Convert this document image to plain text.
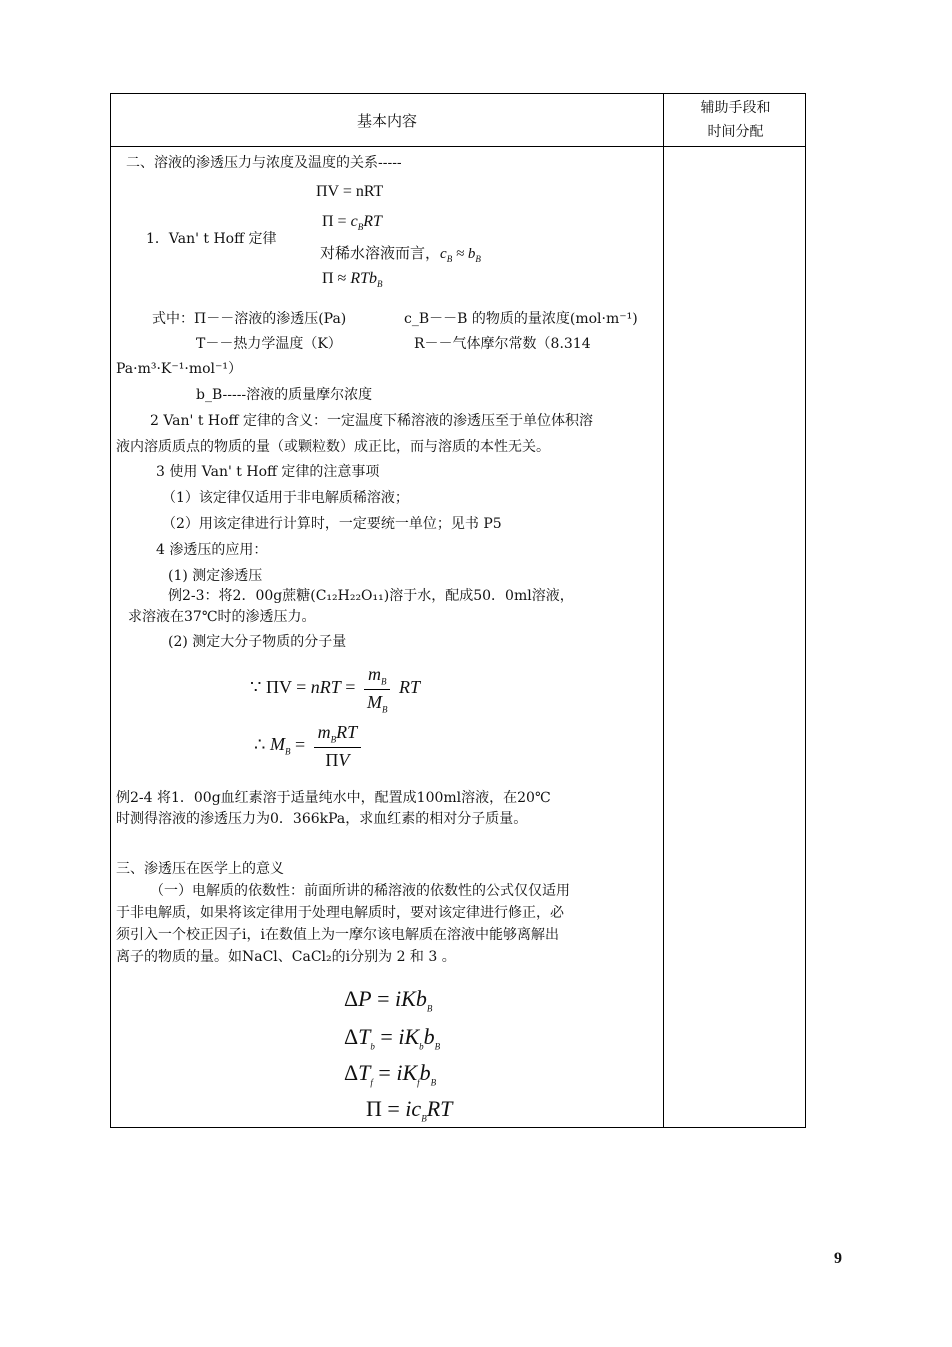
基本内容
辅助手段和
时间分配
二、溶液的渗透压力与浓度及温度的关系-----
ΠV = nRT
1．Van' t Hoff 定律
$\Pi = c_BRT$
对稀水溶液而言，$c_B \approx b_B$
Π ≈ RTb$_B$
式中：Π－－溶液的渗透压(Pa)	c_B－－B 的物质的量浓度(mol·m⁻¹)
T－－热力学温度（K）	R－－气体摩尔常数（8.314
Pa·m³·K⁻¹·mol⁻¹）
b_B-----溶液的质量摩尔浓度
2 Van' t Hoff 定律的含义：一定温度下稀溶液的渗透压至于单位体积溶
液内溶质质点的物质的量（或颗粒数）成正比，而与溶质的本性无关。
3 使用 Van' t Hoff 定律的注意事项
（1）该定律仅适用于非电解质稀溶液；
（2）用该定律进行计算时，一定要统一单位；见书 P5
4 渗透压的应用：
(1) 测定渗透压
例2-3：将2．00g蔗糖(C₁₂H₂₂O₁₁)溶于水，配成50．0ml溶液，
求溶液在37℃时的渗透压力。
(2) 测定大分子物质的分子量
∵ ΠV = nRT = $\frac{m_B}{M_B}$ RT
∴ $M_B = \frac{m_BRT}{\Pi V}$
例2-4 将1．00g血红素溶于适量纯水中，配置成100ml溶液，在20℃
时测得溶液的渗透压力为0．366kPa，求血红素的相对分子质量。
三、渗透压在医学上的意义
（一）电解质的依数性：前面所讲的稀溶液的依数性的公式仅仅适用
于非电解质，如果将该定律用于处理电解质时，要对该定律进行修正，必
须引入一个校正因子i，i在数值上为一摩尔该电解质在溶液中能够离解出
离子的物质的量。如NaCl、CaCl₂的i分别为 2 和 3 。
ΔP = iKb$_B$
$\Delta T_b = iK_bb_B$
$\Delta T_f = iK_fb_B$
$\Pi = ic_BRT$
9
